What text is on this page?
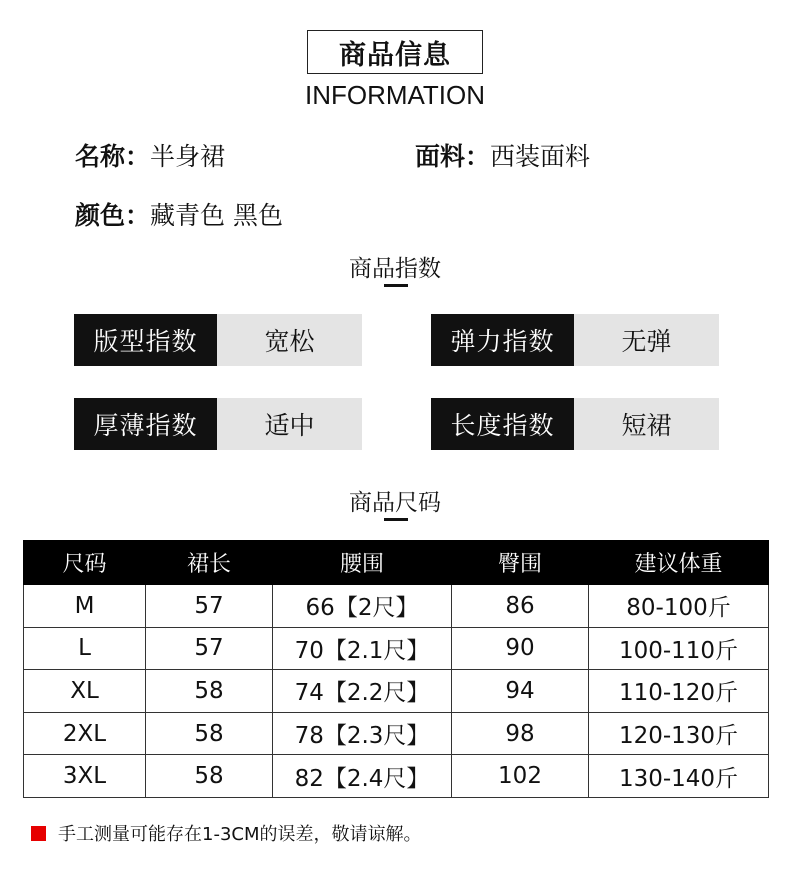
商品信息
INFORMATION
名称：半身裙	面料：西装面料
颜色：藏青色 黑色
商品指数
版型指数	宽松	弹力指数	无弹
厚薄指数	适中	长度指数	短裙
商品尺码
尺码	裙长	腰围	臀围	建议体重
M	57	66【2尺】	86	80-100斤
L	57	70【2.1尺】	90	100-110斤
XL	58	74【2.2尺】	94	110-120斤
2XL	58	78【2.3尺】	98	120-130斤
3XL	58	82【2.4尺】	102	130-140斤
手工测量可能存在1-3CM的误差，敬请谅解。
